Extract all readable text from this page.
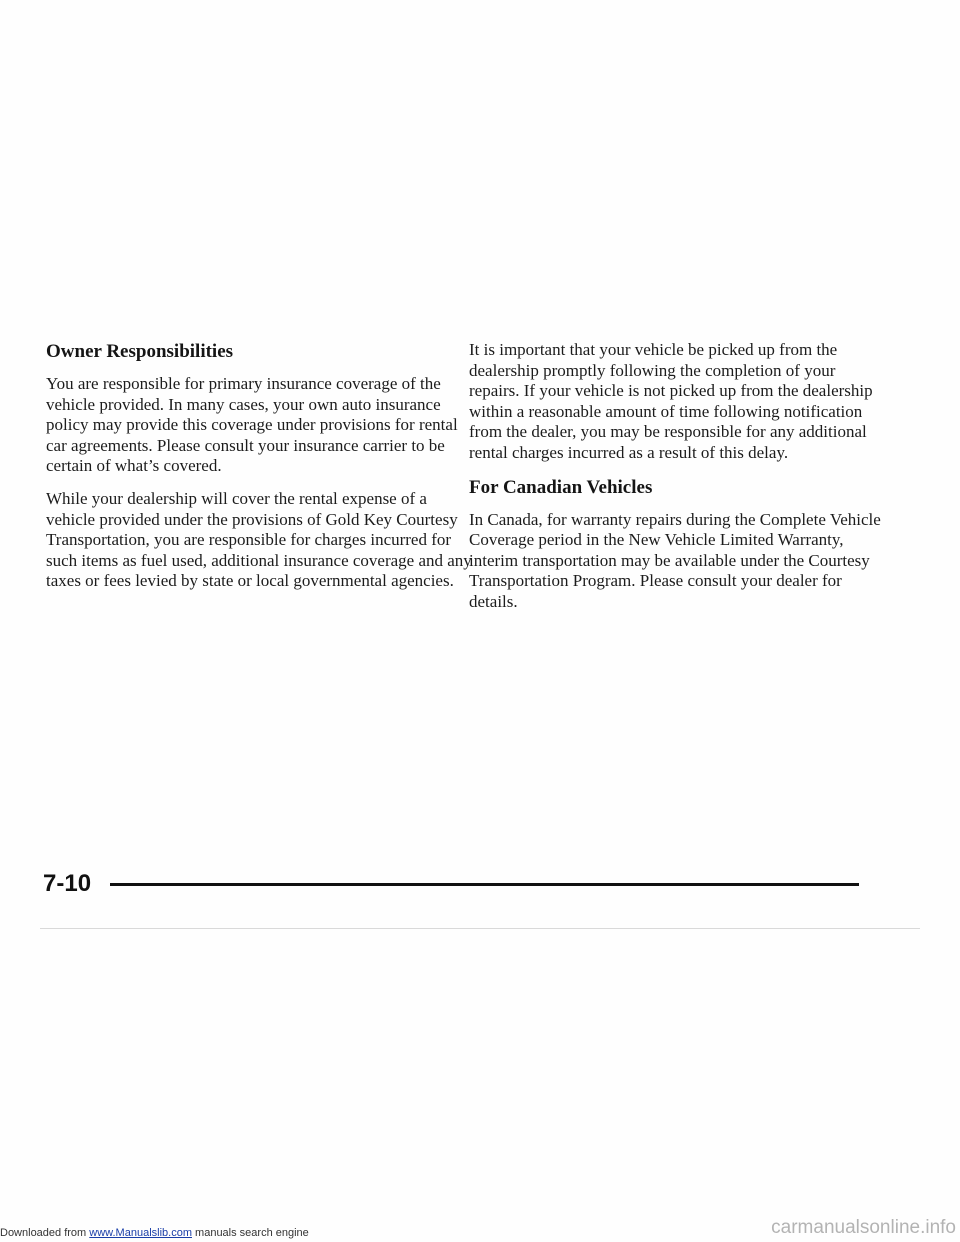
Owner Responsibilities

You are responsible for primary insurance coverage of the vehicle provided. In many cases, your own auto insurance policy may provide this coverage under provisions for rental car agreements. Please consult your insurance carrier to be certain of what’s covered.

While your dealership will cover the rental expense of a vehicle provided under the provisions of Gold Key Courtesy Transportation, you are responsible for charges incurred for such items as fuel used, additional insurance coverage and any taxes or fees levied by state or local governmental agencies.

It is important that your vehicle be picked up from the dealership promptly following the completion of your repairs. If your vehicle is not picked up from the dealership within a reasonable amount of time following notification from the dealer, you may be responsible for any additional rental charges incurred as a result of this delay.

For Canadian Vehicles

In Canada, for warranty repairs during the Complete Vehicle Coverage period in the New Vehicle Limited Warranty, interim transportation may be available under the Courtesy Transportation Program. Please consult your dealer for details.

7-10
Downloaded from www.Manualslib.com manuals search engine	carmanualsonline.info
